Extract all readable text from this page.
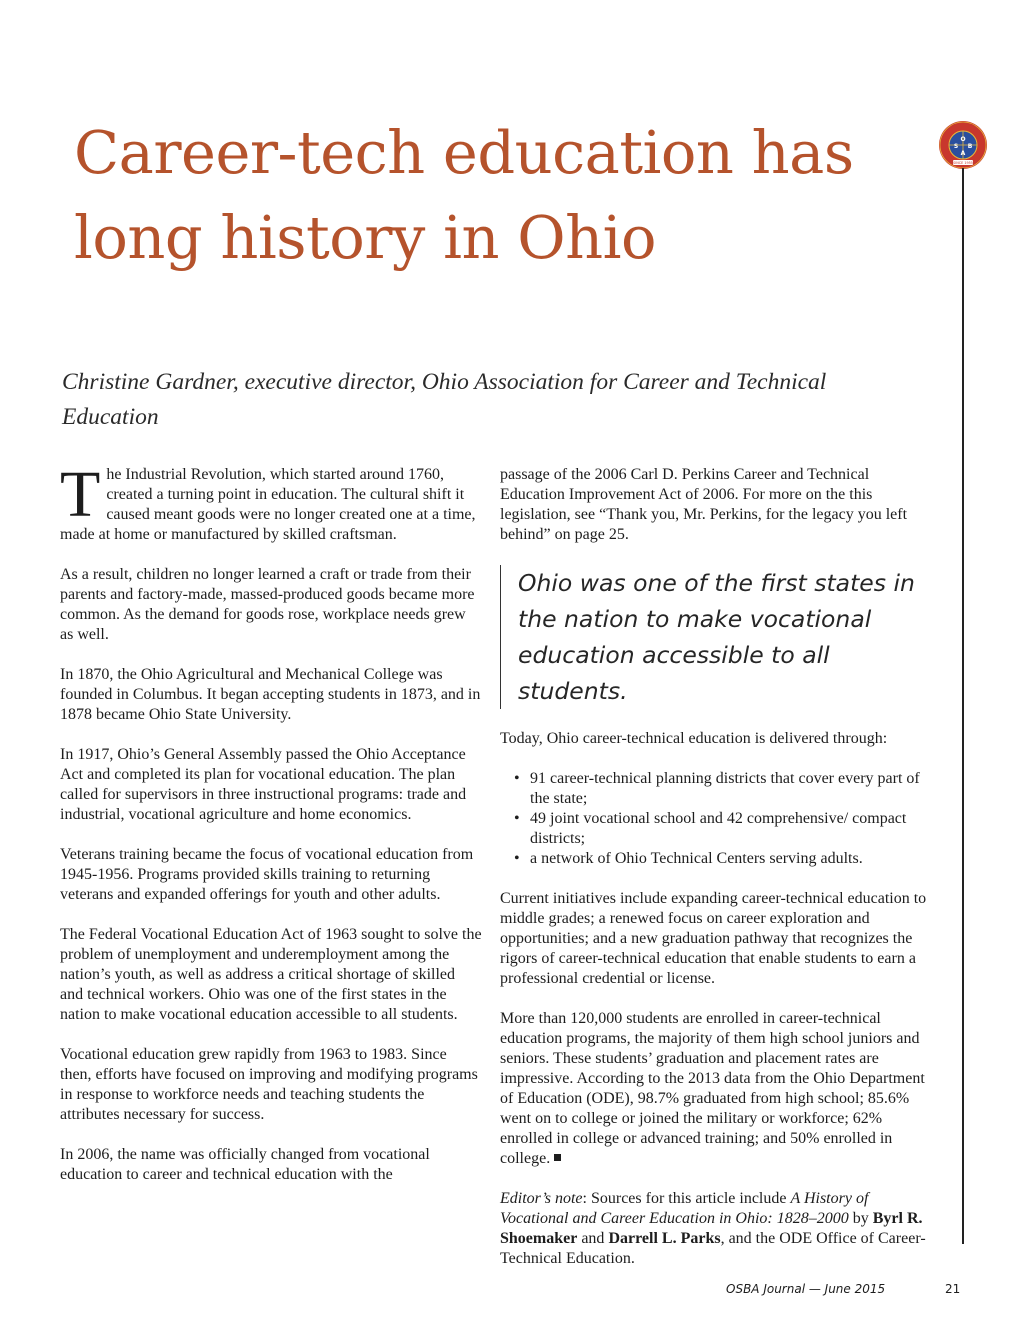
Career-tech education has
long history in Ohio
O
S B
A
SINCE 1955
Christine Gardner, executive director, Ohio Association for Career and Technical
Education

The Industrial Revolution, which started around 1760, created a turning point in education. The cultural shift it caused meant goods were no longer created one at a time, made at home or manufactured by skilled craftsman.

As a result, children no longer learned a craft or trade from their parents and factory-made, massed-produced goods became more common. As the demand for goods rose, workplace needs grew as well.

In 1870, the Ohio Agricultural and Mechanical College was founded in Columbus. It began accepting students in 1873, and in 1878 became Ohio State University.

In 1917, Ohio’s General Assembly passed the Ohio Acceptance Act and completed its plan for vocational education. The plan called for supervisors in three instructional programs: trade and industrial, vocational agriculture and home economics.

Veterans training became the focus of vocational education from 1945-1956. Programs provided skills training to returning veterans and expanded offerings for youth and other adults.

The Federal Vocational Education Act of 1963 sought to solve the problem of unemployment and underemployment among the nation’s youth, as well as address a critical shortage of skilled and technical workers. Ohio was one of the first states in the nation to make vocational education accessible to all students.

Vocational education grew rapidly from 1963 to 1983. Since then, efforts have focused on improving and modifying programs in response to workforce needs and teaching students the attributes necessary for success.

In 2006, the name was officially changed from vocational education to career and technical education with the

passage of the 2006 Carl D. Perkins Career and Technical Education Improvement Act of 2006. For more on the this legislation, see “Thank you, Mr. Perkins, for the legacy you left behind” on page 25.

Ohio was one of the first states in the nation to make vocational education accessible to all students.

Today, Ohio career-technical education is delivered through:

• 91 career-technical planning districts that cover every part of the state;
• 49 joint vocational school and 42 comprehensive/ compact districts;
• a network of Ohio Technical Centers serving adults.

Current initiatives include expanding career-technical education to middle grades; a renewed focus on career exploration and opportunities; and a new graduation pathway that recognizes the rigors of career-technical education that enable students to earn a professional credential or license.

More than 120,000 students are enrolled in career-technical education programs, the majority of them high school juniors and seniors. These students’ graduation and placement rates are impressive. According to the 2013 data from the Ohio Department of Education (ODE), 98.7% graduated from high school; 85.6% went on to college or joined the military or workforce; 62% enrolled in college or advanced training; and 50% enrolled in college.

Editor’s note: Sources for this article include A History of Vocational and Career Education in Ohio: 1828–2000 by Byrl R. Shoemaker and Darrell L. Parks, and the ODE Office of Career-Technical Education.

OSBA Journal — June 2015	21
